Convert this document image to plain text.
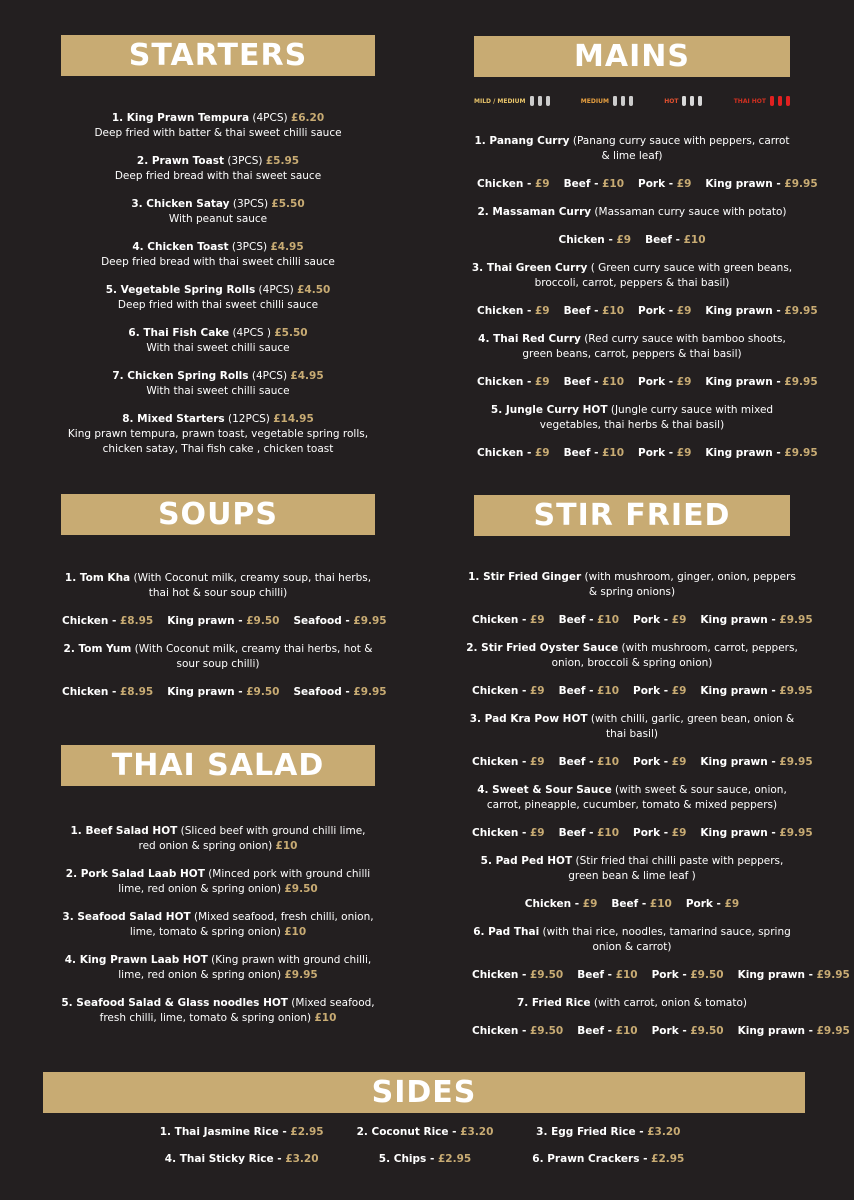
STARTERS	MAINS
SOUPS	STIR FRIED
THAI SALAD
SIDES
MILD / MEDIUM	MEDIUM	HOT	THAI HOT
1. King Prawn Tempura (4PCS) £6.20
Deep fried with batter & thai sweet chilli sauce
2. Prawn Toast (3PCS) £5.95
Deep fried bread with thai sweet sauce
3. Chicken Satay (3PCS) £5.50
With peanut sauce
4. Chicken Toast (3PCS) £4.95
Deep fried bread with thai sweet chilli sauce
5. Vegetable Spring Rolls (4PCS) £4.50
Deep fried with thai sweet chilli sauce
6. Thai Fish Cake (4PCS ) £5.50
With thai sweet chilli sauce
7. Chicken Spring Rolls (4PCS) £4.95
With thai sweet chilli sauce
8. Mixed Starters (12PCS) £14.95
King prawn tempura, prawn toast, vegetable spring rolls, chicken satay, Thai fish cake , chicken toast
1. Panang Curry (Panang curry sauce with peppers, carrot & lime leaf)
Chicken - £9 Beef - £10 Pork - £9 King prawn - £9.95
2. Massaman Curry (Massaman curry sauce with potato)
Chicken - £9 Beef - £10
3. Thai Green Curry ( Green curry sauce with green beans, broccoli, carrot, peppers & thai basil)
Chicken - £9 Beef - £10 Pork - £9 King prawn - £9.95
4. Thai Red Curry (Red curry sauce with bamboo shoots, green beans, carrot, peppers & thai basil)
Chicken - £9 Beef - £10 Pork - £9 King prawn - £9.95
5. Jungle Curry HOT (Jungle curry sauce with mixed vegetables, thai herbs & thai basil)
Chicken - £9 Beef - £10 Pork - £9 King prawn - £9.95
1. Tom Kha (With Coconut milk, creamy soup, thai herbs, thai hot & sour soup chilli)
Chicken - £8.95 King prawn - £9.50 Seafood - £9.95
2. Tom Yum (With Coconut milk, creamy thai herbs, hot & sour soup chilli)
Chicken - £8.95 King prawn - £9.50 Seafood - £9.95
1. Stir Fried Ginger (with mushroom, ginger, onion, peppers & spring onions)
Chicken - £9 Beef - £10 Pork - £9 King prawn - £9.95
2. Stir Fried Oyster Sauce (with mushroom, carrot, peppers, onion, broccoli & spring onion)
Chicken - £9 Beef - £10 Pork - £9 King prawn - £9.95
3. Pad Kra Pow HOT (with chilli, garlic, green bean, onion & thai basil)
Chicken - £9 Beef - £10 Pork - £9 King prawn - £9.95
4. Sweet & Sour Sauce (with sweet & sour sauce, onion, carrot, pineapple, cucumber, tomato & mixed peppers)
Chicken - £9 Beef - £10 Pork - £9 King prawn - £9.95
5. Pad Ped HOT (Stir fried thai chilli paste with peppers, green bean & lime leaf )
Chicken - £9 Beef - £10 Pork - £9
6. Pad Thai (with thai rice, noodles, tamarind sauce, spring onion & carrot)
Chicken - £9.50 Beef - £10 Pork - £9.50 King prawn - £9.95
7. Fried Rice (with carrot, onion & tomato)
Chicken - £9.50 Beef - £10 Pork - £9.50 King prawn - £9.95
1. Beef Salad HOT (Sliced beef with ground chilli lime, red onion & spring onion) £10
2. Pork Salad Laab HOT (Minced pork with ground chilli lime, red onion & spring onion) £9.50
3. Seafood Salad HOT (Mixed seafood, fresh chilli, onion, lime, tomato & spring onion) £10
4. King Prawn Laab HOT (King prawn with ground chilli, lime, red onion & spring onion) £9.95
5. Seafood Salad & Glass noodles HOT (Mixed seafood, fresh chilli, lime, tomato & spring onion) £10
1. Thai Jasmine Rice - £2.95	2. Coconut Rice - £3.20	3. Egg Fried Rice - £3.20
4. Thai Sticky Rice - £3.20	5. Chips - £2.95	6. Prawn Crackers - £2.95
